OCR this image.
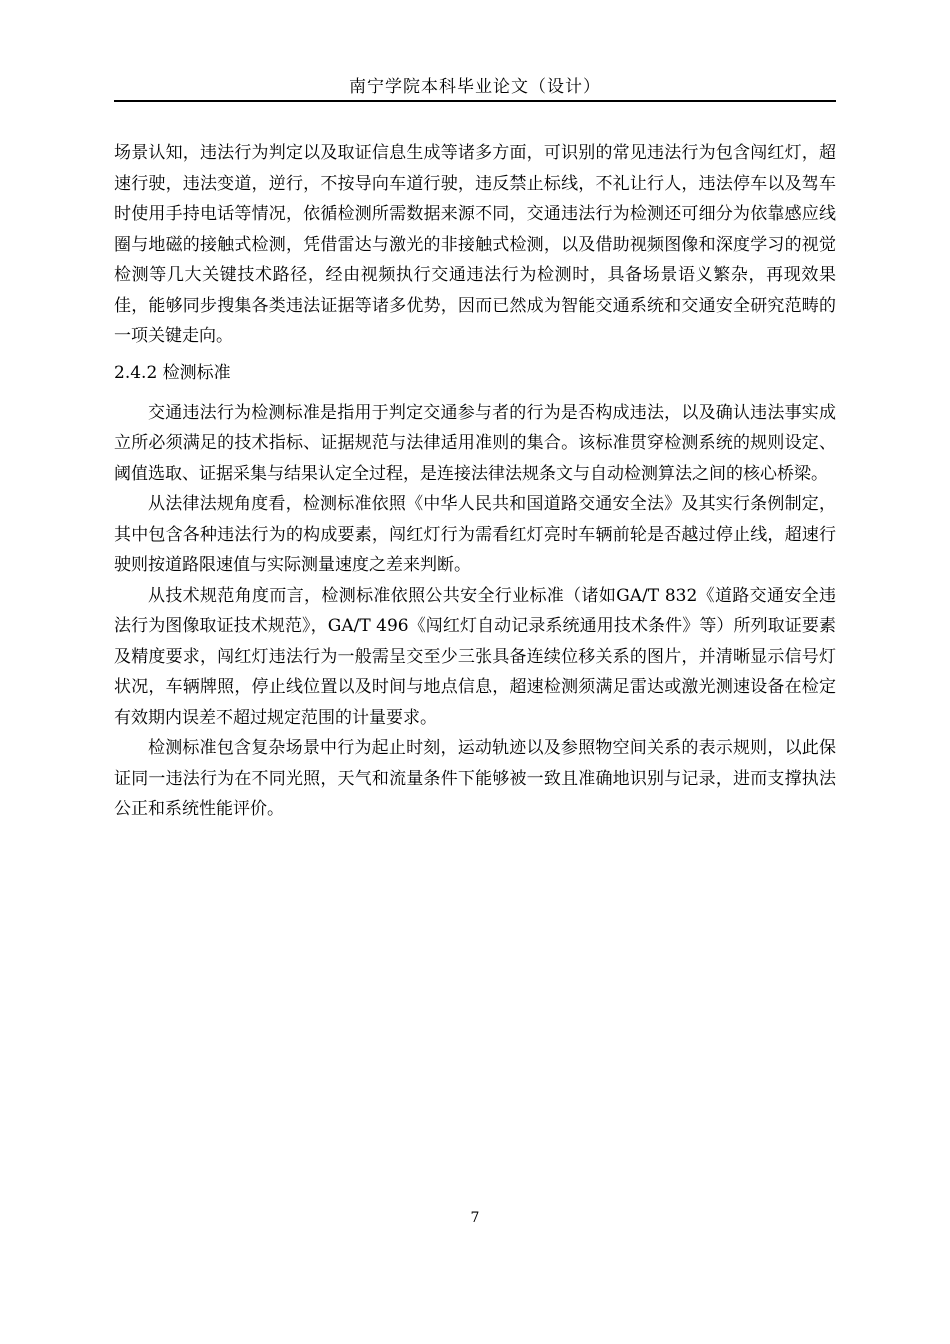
南宁学院本科毕业论文（设计）

场景认知，违法行为判定以及取证信息生成等诸多方面，可识别的常见违法行为包含闯红灯，超速行驶，违法变道，逆行，不按导向车道行驶，违反禁止标线，不礼让行人，违法停车以及驾车时使用手持电话等情况，依循检测所需数据来源不同，交通违法行为检测还可细分为依靠感应线圈与地磁的接触式检测，凭借雷达与激光的非接触式检测，以及借助视频图像和深度学习的视觉检测等几大关键技术路径，经由视频执行交通违法行为检测时，具备场景语义繁杂，再现效果佳，能够同步搜集各类违法证据等诸多优势，因而已然成为智能交通系统和交通安全研究范畴的一项关键走向。

2.4.2 检测标准

交通违法行为检测标准是指用于判定交通参与者的行为是否构成违法，以及确认违法事实成立所必须满足的技术指标、证据规范与法律适用准则的集合。该标准贯穿检测系统的规则设定、阈值选取、证据采集与结果认定全过程，是连接法律法规条文与自动检测算法之间的核心桥梁。

从法律法规角度看，检测标准依照《中华人民共和国道路交通安全法》及其实行条例制定，其中包含各种违法行为的构成要素，闯红灯行为需看红灯亮时车辆前轮是否越过停止线，超速行驶则按道路限速值与实际测量速度之差来判断。

从技术规范角度而言，检测标准依照公共安全行业标准（诸如GA/T 832《道路交通安全违法行为图像取证技术规范》，GA/T 496《闯红灯自动记录系统通用技术条件》等）所列取证要素及精度要求，闯红灯违法行为一般需呈交至少三张具备连续位移关系的图片，并清晰显示信号灯状况，车辆牌照，停止线位置以及时间与地点信息，超速检测须满足雷达或激光测速设备在检定有效期内误差不超过规定范围的计量要求。

检测标准包含复杂场景中行为起止时刻，运动轨迹以及参照物空间关系的表示规则，以此保证同一违法行为在不同光照，天气和流量条件下能够被一致且准确地识别与记录，进而支撑执法公正和系统性能评价。

7
